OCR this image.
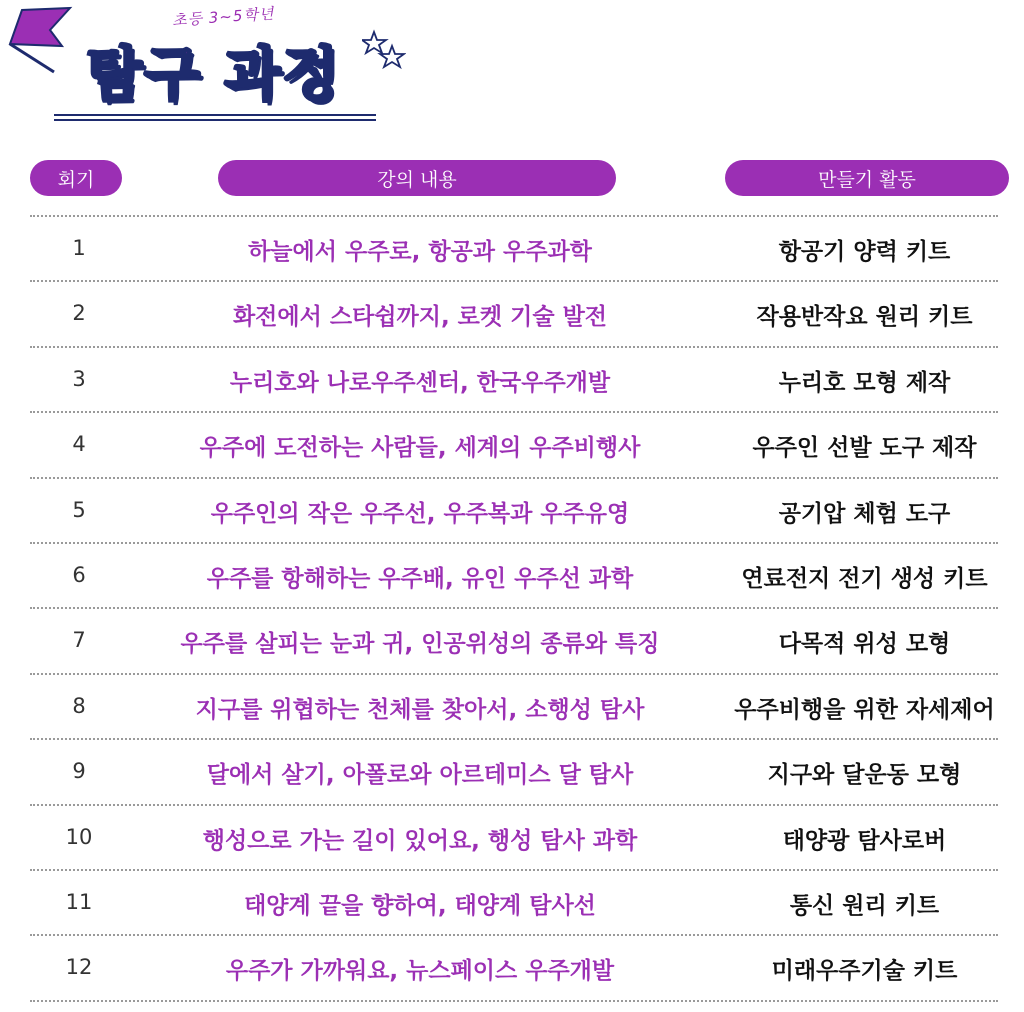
초등 3~5학년
탐구 과정
회기	강의 내용	만들기 활동
1	하늘에서 우주로, 항공과 우주과학	항공기 양력 키트
2	화전에서 스타쉽까지, 로켓 기술 발전	작용반작요 원리 키트
3	누리호와 나로우주센터, 한국우주개발	누리호 모형 제작
4	우주에 도전하는 사람들, 세계의 우주비행사	우주인 선발 도구 제작
5	우주인의 작은 우주선, 우주복과 우주유영	공기압 체험 도구
6	우주를 항해하는 우주배, 유인 우주선 과학	연료전지 전기 생성 키트
7	우주를 살피는 눈과 귀, 인공위성의 종류와 특징	다목적 위성 모형
8	지구를 위협하는 천체를 찾아서, 소행성 탐사	우주비행을 위한 자세제어
9	달에서 살기, 아폴로와 아르테미스 달 탐사	지구와 달운동 모형
10	행성으로 가는 길이 있어요, 행성 탐사 과학	태양광 탐사로버
11	태양계 끝을 향하여, 태양계 탐사선	통신 원리 키트
12	우주가 가까워요, 뉴스페이스 우주개발	미래우주기술 키트
